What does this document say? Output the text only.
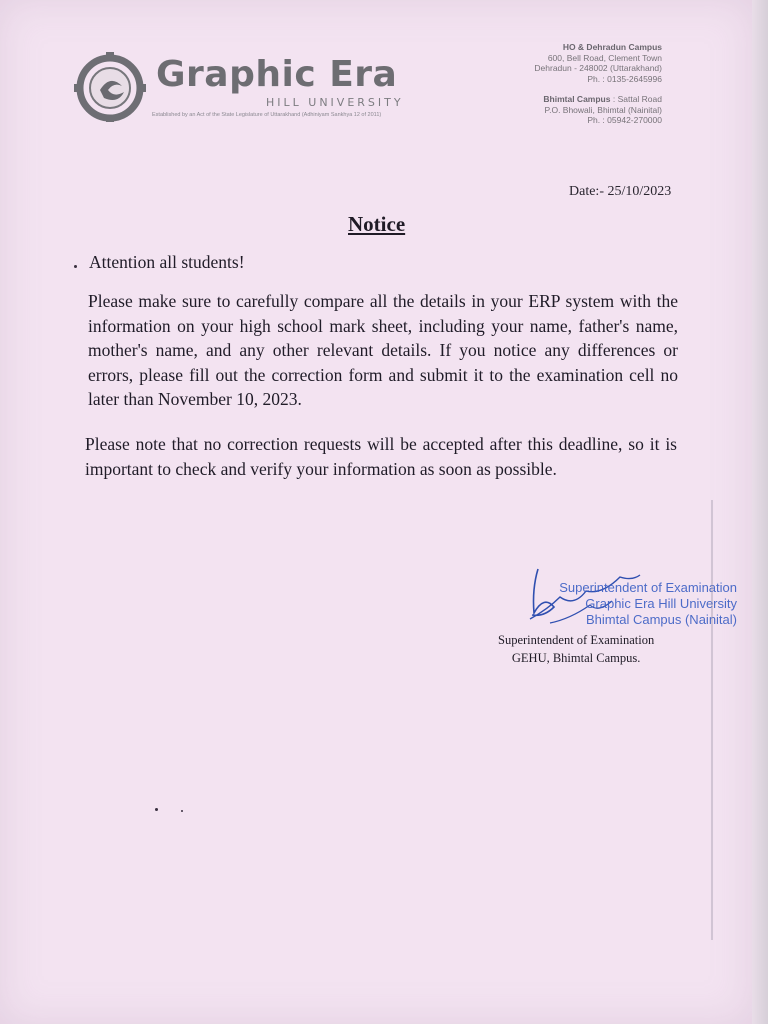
Graphic Era
HILL UNIVERSITY
Established by an Act of the State Legislature of Uttarakhand (Adhiniyam Sankhya 12 of 2011)
HO & Dehradun Campus
600, Bell Road, Clement Town
Dehradun - 248002 (Uttarakhand)
Ph. : 0135-2645996
Bhimtal Campus : Sattal Road
P.O. Bhowali, Bhimtal (Nainital)
Ph. : 05942-270000
Date:- 25/10/2023
Notice
Attention all students!
Please make sure to carefully compare all the details in your ERP system with the information on your high school mark sheet, including your name, father's name, mother's name, and any other relevant details. If you notice any differences or errors, please fill out the correction form and submit it to the examination cell no later than November 10, 2023.
Please note that no correction requests will be accepted after this deadline, so it is important to check and verify your information as soon as possible.
Superintendent of Examination
Graphic Era Hill University
Bhimtal Campus (Nainital)
Superintendent of Examination
GEHU, Bhimtal Campus.
